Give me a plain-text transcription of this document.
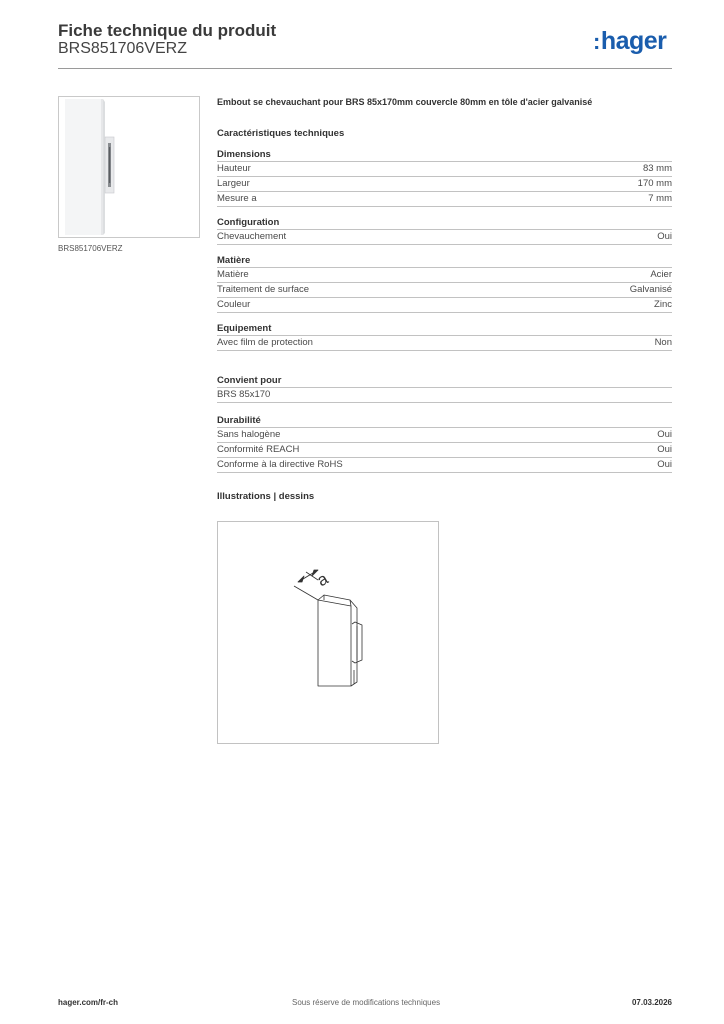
Fiche technique du produit
BRS851706VERZ	:hager
BRS851706VERZ
Embout se chevauchant pour BRS 85x170mm couvercle 80mm en tôle d'acier galvanisé
Caractéristiques techniques
Dimensions
Hauteur	83 mm
Largeur	170 mm
Mesure a	7 mm
Configuration
Chevauchement	Oui
Matière
Matière	Acier
Traitement de surface	Galvanisé
Couleur	Zinc
Equipement
Avec film de protection	Non
Convient pour
BRS 85x170
Durabilité
Sans halogène	Oui
Conformité REACH	Oui
Conforme à la directive RoHS	Oui
Illustrations | dessins
a
hager.com/fr-ch	Sous réserve de modifications techniques	07.03.2026
